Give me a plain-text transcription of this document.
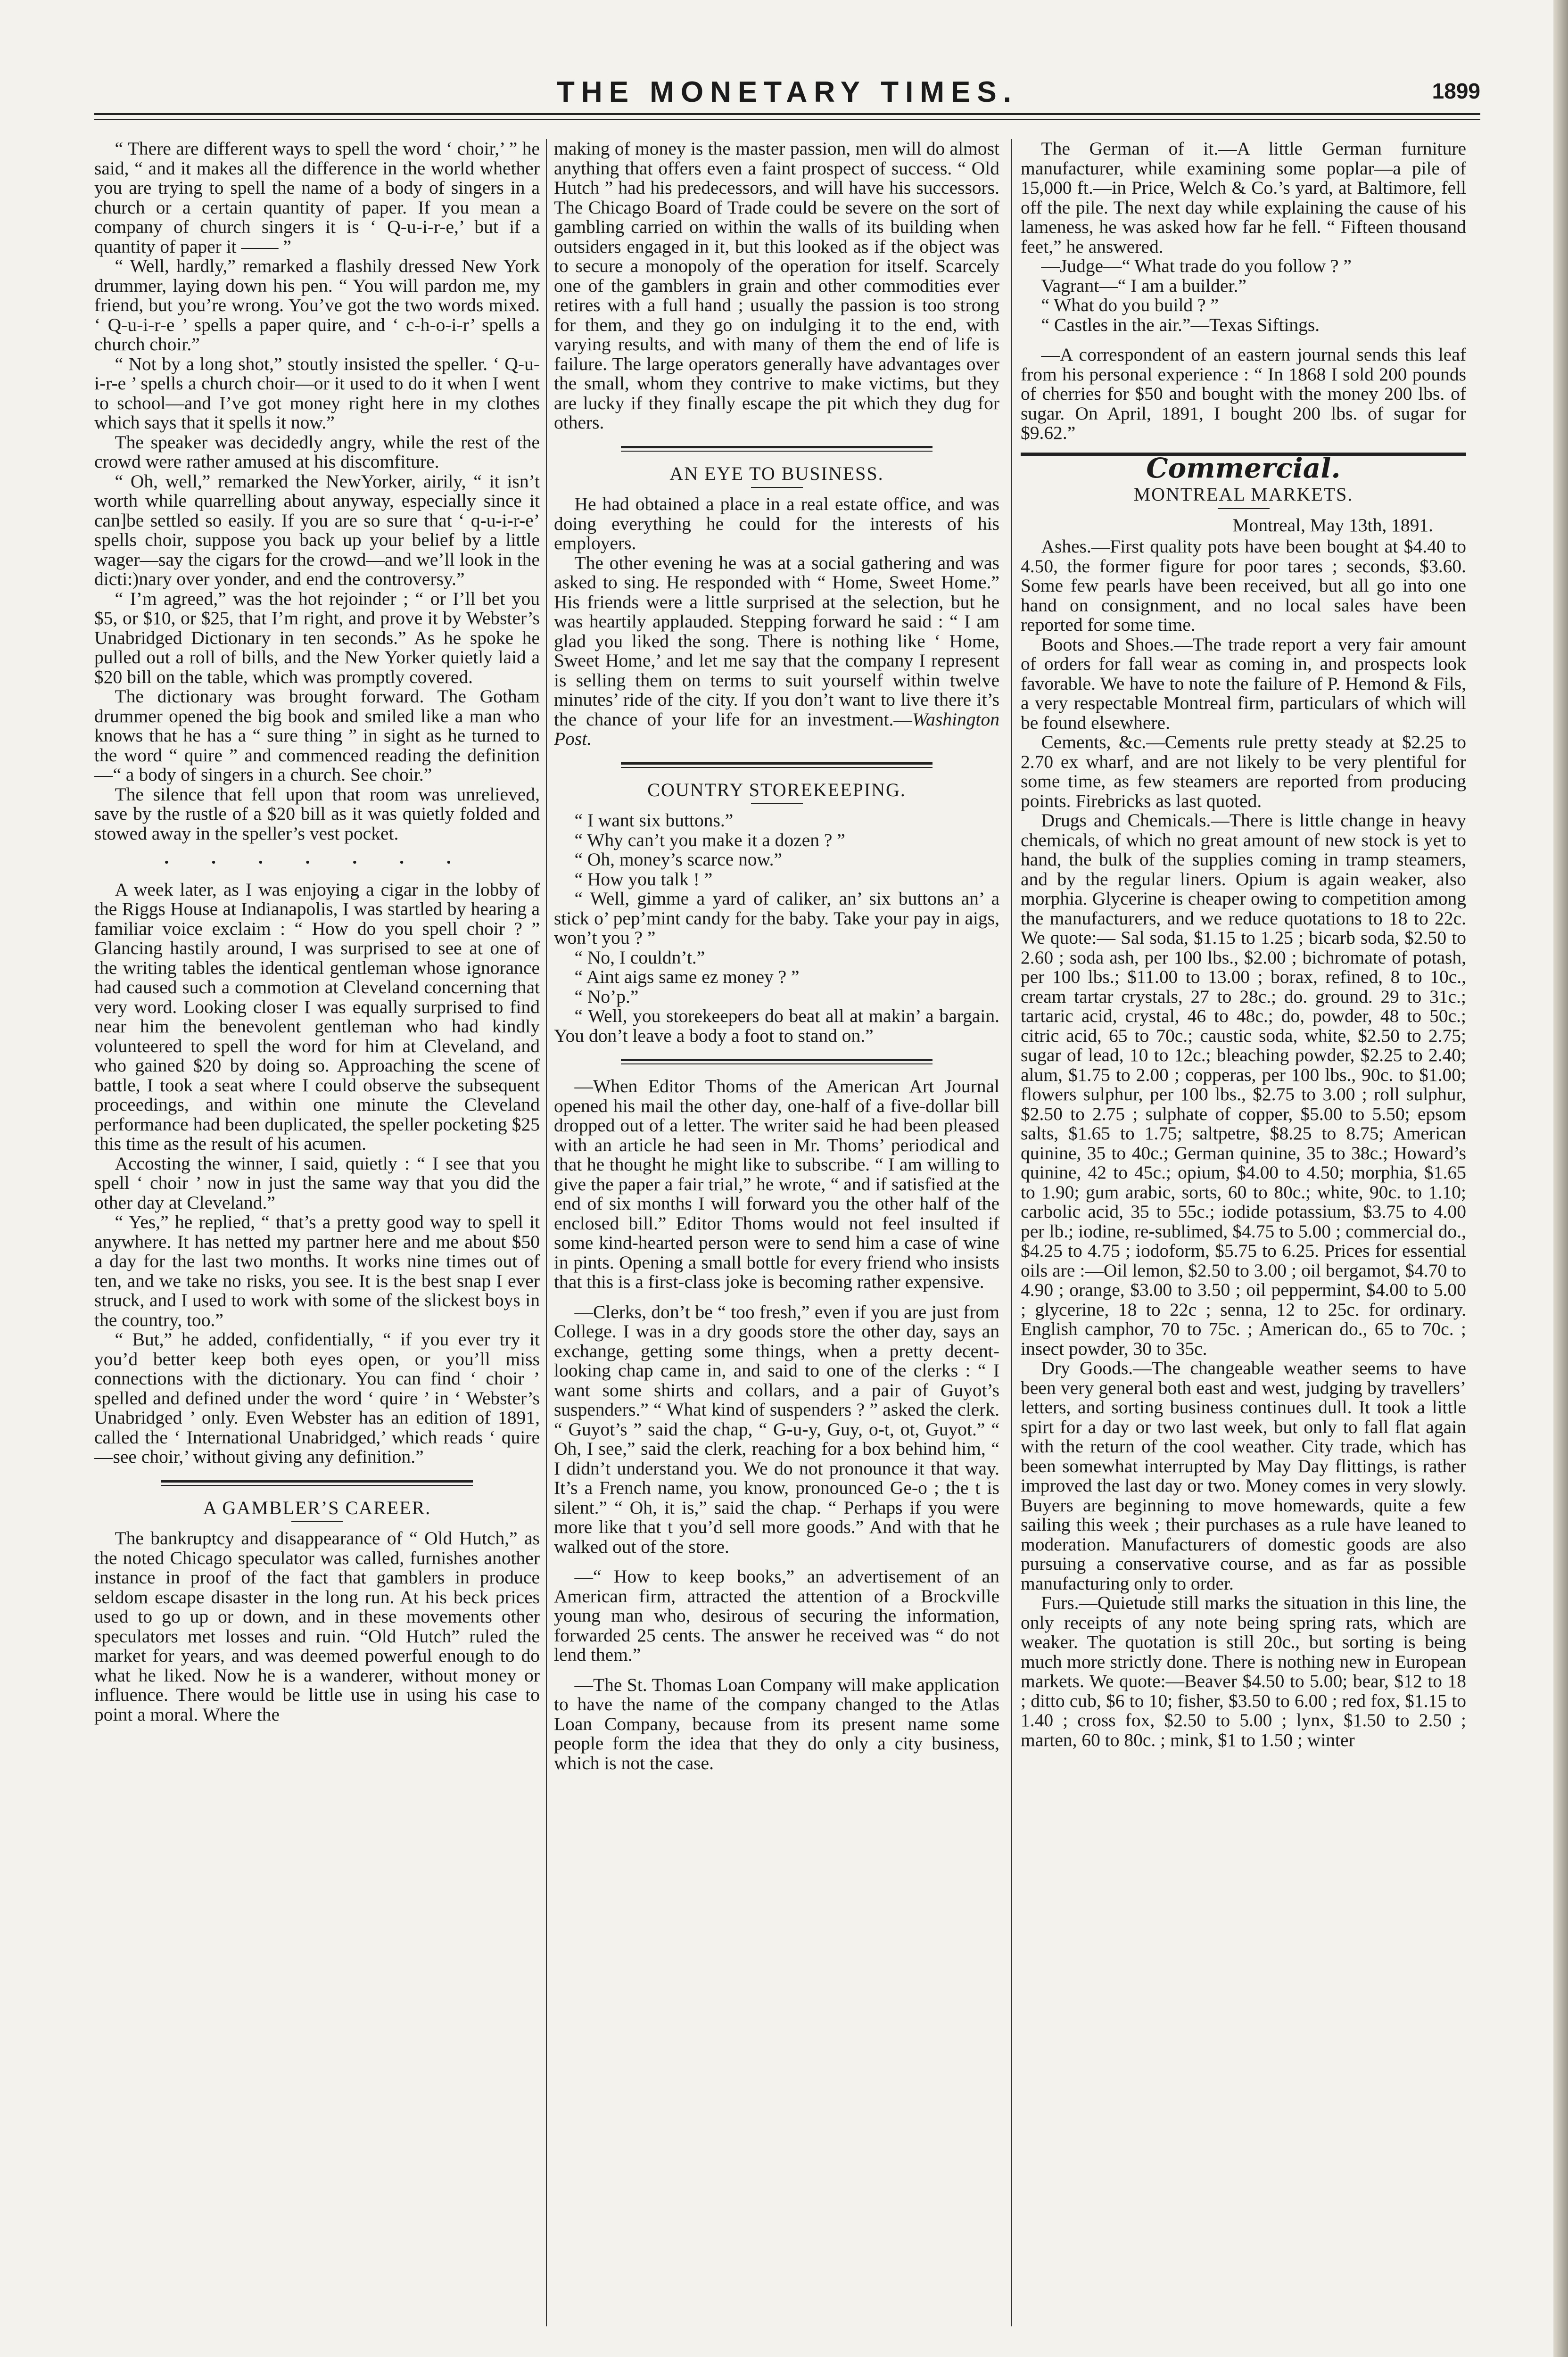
THE MONETARY TIMES.	1899

“ There are different ways to spell the word ‘ choir,’ ” he said, “ and it makes all the difference in the world whether you are trying to spell the name of a body of singers in a church or a certain quantity of paper. If you mean a company of church singers it is ‘ Q-u-i-r-e,’ but if a quantity of paper it —— ”

“ Well, hardly,” remarked a flashily dressed New York drummer, laying down his pen. “ You will pardon me, my friend, but you’re wrong. You’ve got the two words mixed. ‘ Q-u-i-r-e ’ spells a paper quire, and ‘ c-h-o-i-r’ spells a church choir.”

“ Not by a long shot,” stoutly insisted the speller. ‘ Q-u-i-r-e ’ spells a church choir—or it used to do it when I went to school—and I’ve got money right here in my clothes which says that it spells it now.”

The speaker was decidedly angry, while the rest of the crowd were rather amused at his discomfiture.

“ Oh, well,” remarked the NewYorker, airily, “ it isn’t worth while quarrelling about anyway, especially since it can]be settled so easily. If you are so sure that ‘ q-u-i-r-e’ spells choir, suppose you back up your belief by a little wager—say the cigars for the crowd—and we’ll look in the dicti:)nary over yonder, and end the controversy.”

“ I’m agreed,” was the hot rejoinder ; “ or I’ll bet you $5, or $10, or $25, that I’m right, and prove it by Webster’s Unabridged Dictionary in ten seconds.” As he spoke he pulled out a roll of bills, and the New Yorker quietly laid a $20 bill on the table, which was promptly covered.

The dictionary was brought forward. The Gotham drummer opened the big book and smiled like a man who knows that he has a “ sure thing ” in sight as he turned to the word “ quire ” and commenced reading the definition—“ a body of singers in a church. See choir.”

The silence that fell upon that room was unrelieved, save by the rustle of a $20 bill as it was quietly folded and stowed away in the speller’s vest pocket.

. . . . . . .

A week later, as I was enjoying a cigar in the lobby of the Riggs House at Indianapolis, I was startled by hearing a familiar voice exclaim : “ How do you spell choir ? ” Glancing hastily around, I was surprised to see at one of the writing tables the identical gentleman whose ignorance had caused such a commotion at Cleveland concerning that very word. Looking closer I was equally surprised to find near him the benevolent gentleman who had kindly volunteered to spell the word for him at Cleveland, and who gained $20 by doing so. Approaching the scene of battle, I took a seat where I could observe the subsequent proceedings, and within one minute the Cleveland performance had been duplicated, the speller pocketing $25 this time as the result of his acumen.

Accosting the winner, I said, quietly : “ I see that you spell ‘ choir ’ now in just the same way that you did the other day at Cleveland.”

“ Yes,” he replied, “ that’s a pretty good way to spell it anywhere. It has netted my partner here and me about $50 a day for the last two months. It works nine times out of ten, and we take no risks, you see. It is the best snap I ever struck, and I used to work with some of the slickest boys in the country, too.”

“ But,” he added, confidentially, “ if you ever try it you’d better keep both eyes open, or you’ll miss connections with the dictionary. You can find ‘ choir ’ spelled and defined under the word ‘ quire ’ in ‘ Webster’s Unabridged ’ only. Even Webster has an edition of 1891, called the ‘ International Unabridged,’ which reads ‘ quire—see choir,’ without giving any definition.”

A GAMBLER’S CAREER.

The bankruptcy and disappearance of “ Old Hutch,” as the noted Chicago speculator was called, furnishes another instance in proof of the fact that gamblers in produce seldom escape disaster in the long run. At his beck prices used to go up or down, and in these movements other speculators met losses and ruin. “Old Hutch” ruled the market for years, and was deemed powerful enough to do what he liked. Now he is a wanderer, without money or influence. There would be little use in using his case to point a moral. Where the

making of money is the master passion, men will do almost anything that offers even a faint prospect of success. “ Old Hutch ” had his predecessors, and will have his successors. The Chicago Board of Trade could be severe on the sort of gambling carried on within the walls of its building when outsiders engaged in it, but this looked as if the object was to secure a monopoly of the operation for itself. Scarcely one of the gamblers in grain and other commodities ever retires with a full hand ; usually the passion is too strong for them, and they go on indulging it to the end, with varying results, and with many of them the end of life is failure. The large operators generally have advantages over the small, whom they contrive to make victims, but they are lucky if they finally escape the pit which they dug for others.

AN EYE TO BUSINESS.

He had obtained a place in a real estate office, and was doing everything he could for the interests of his employers.

The other evening he was at a social gathering and was asked to sing. He responded with “ Home, Sweet Home.” His friends were a little surprised at the selection, but he was heartily applauded. Stepping forward he said : “ I am glad you liked the song. There is nothing like ‘ Home, Sweet Home,’ and let me say that the company I represent is selling them on terms to suit yourself within twelve minutes’ ride of the city. If you don’t want to live there it’s the chance of your life for an investment.—Washington Post.

COUNTRY STOREKEEPING.

“ I want six buttons.”

“ Why can’t you make it a dozen ? ”

“ Oh, money’s scarce now.”

“ How you talk ! ”

“ Well, gimme a yard of caliker, an’ six buttons an’ a stick o’ pep’mint candy for the baby. Take your pay in aigs, won’t you ? ”

“ No, I couldn’t.”

“ Aint aigs same ez money ? ”

“ No’p.”

“ Well, you storekeepers do beat all at makin’ a bargain. You don’t leave a body a foot to stand on.”

—When Editor Thoms of the American Art Journal opened his mail the other day, one-half of a five-dollar bill dropped out of a letter. The writer said he had been pleased with an article he had seen in Mr. Thoms’ periodical and that he thought he might like to subscribe. “ I am willing to give the paper a fair trial,” he wrote, “ and if satisfied at the end of six months I will forward you the other half of the enclosed bill.” Editor Thoms would not feel insulted if some kind-hearted person were to send him a case of wine in pints. Opening a small bottle for every friend who insists that this is a first-class joke is becoming rather expensive.

—Clerks, don’t be “ too fresh,” even if you are just from College. I was in a dry goods store the other day, says an exchange, getting some things, when a pretty decent-looking chap came in, and said to one of the clerks : “ I want some shirts and collars, and a pair of Guyot’s suspenders.” “ What kind of suspenders ? ” asked the clerk. “ Guyot’s ” said the chap, “ G-u-y, Guy, o-t, ot, Guyot.” “ Oh, I see,” said the clerk, reaching for a box behind him, “ I didn’t understand you. We do not pronounce it that way. It’s a French name, you know, pronounced Ge-o ; the t is silent.” “ Oh, it is,” said the chap. “ Perhaps if you were more like that t you’d sell more goods.” And with that he walked out of the store.

—“ How to keep books,” an advertisement of an American firm, attracted the attention of a Brockville young man who, desirous of securing the information, forwarded 25 cents. The answer he received was “ do not lend them.”

—The St. Thomas Loan Company will make application to have the name of the company changed to the Atlas Loan Company, because from its present name some people form the idea that they do only a city business, which is not the case.

The German of it.—A little German furniture manufacturer, while examining some poplar—a pile of 15,000 ft.—in Price, Welch & Co.’s yard, at Baltimore, fell off the pile. The next day while explaining the cause of his lameness, he was asked how far he fell. “ Fifteen thousand feet,” he answered.

—Judge—“ What trade do you follow ? ”

Vagrant—“ I am a builder.”

“ What do you build ? ”

“ Castles in the air.”—Texas Siftings.

—A correspondent of an eastern journal sends this leaf from his personal experience : “ In 1868 I sold 200 pounds of cherries for $50 and bought with the money 200 lbs. of sugar. On April, 1891, I bought 200 lbs. of sugar for $9.62.”

Commercial.
MONTREAL MARKETS.
Montreal, May 13th, 1891.

Ashes.—First quality pots have been bought at $4.40 to 4.50, the former figure for poor tares ; seconds, $3.60. Some few pearls have been received, but all go into one hand on consignment, and no local sales have been reported for some time.

Boots and Shoes.—The trade report a very fair amount of orders for fall wear as coming in, and prospects look favorable. We have to note the failure of P. Hemond & Fils, a very respectable Montreal firm, particulars of which will be found elsewhere.

Cements, &c.—Cements rule pretty steady at $2.25 to 2.70 ex wharf, and are not likely to be very plentiful for some time, as few steamers are reported from producing points. Firebricks as last quoted.

Drugs and Chemicals.—There is little change in heavy chemicals, of which no great amount of new stock is yet to hand, the bulk of the supplies coming in tramp steamers, and by the regular liners. Opium is again weaker, also morphia. Glycerine is cheaper owing to competition among the manufacturers, and we reduce quotations to 18 to 22c. We quote:— Sal soda, $1.15 to 1.25 ; bicarb soda, $2.50 to 2.60 ; soda ash, per 100 lbs., $2.00 ; bichromate of potash, per 100 lbs.; $11.00 to 13.00 ; borax, refined, 8 to 10c., cream tartar crystals, 27 to 28c.; do. ground. 29 to 31c.; tartaric acid, crystal, 46 to 48c.; do, powder, 48 to 50c.; citric acid, 65 to 70c.; caustic soda, white, $2.50 to 2.75; sugar of lead, 10 to 12c.; bleaching powder, $2.25 to 2.40; alum, $1.75 to 2.00 ; copperas, per 100 lbs., 90c. to $1.00; flowers sulphur, per 100 lbs., $2.75 to 3.00 ; roll sulphur, $2.50 to 2.75 ; sulphate of copper, $5.00 to 5.50; epsom salts, $1.65 to 1.75; saltpetre, $8.25 to 8.75; American quinine, 35 to 40c.; German quinine, 35 to 38c.; Howard’s quinine, 42 to 45c.; opium, $4.00 to 4.50; morphia, $1.65 to 1.90; gum arabic, sorts, 60 to 80c.; white, 90c. to 1.10; carbolic acid, 35 to 55c.; iodide potassium, $3.75 to 4.00 per lb.; iodine, re-sublimed, $4.75 to 5.00 ; commercial do., $4.25 to 4.75 ; iodoform, $5.75 to 6.25. Prices for essential oils are :—Oil lemon, $2.50 to 3.00 ; oil bergamot, $4.70 to 4.90 ; orange, $3.00 to 3.50 ; oil peppermint, $4.00 to 5.00 ; glycerine, 18 to 22c ; senna, 12 to 25c. for ordinary. English camphor, 70 to 75c. ; American do., 65 to 70c. ; insect powder, 30 to 35c.

Dry Goods.—The changeable weather seems to have been very general both east and west, judging by travellers’ letters, and sorting business continues dull. It took a little spirt for a day or two last week, but only to fall flat again with the return of the cool weather. City trade, which has been somewhat interrupted by May Day flittings, is rather improved the last day or two. Money comes in very slowly. Buyers are beginning to move homewards, quite a few sailing this week ; their purchases as a rule have leaned to moderation. Manufacturers of domestic goods are also pursuing a conservative course, and as far as possible manufacturing only to order.

Furs.—Quietude still marks the situation in this line, the only receipts of any note being spring rats, which are weaker. The quotation is still 20c., but sorting is being much more strictly done. There is nothing new in European markets. We quote:—Beaver $4.50 to 5.00; bear, $12 to 18 ; ditto cub, $6 to 10; fisher, $3.50 to 6.00 ; red fox, $1.15 to 1.40 ; cross fox, $2.50 to 5.00 ; lynx, $1.50 to 2.50 ; marten, 60 to 80c. ; mink, $1 to 1.50 ; winter
